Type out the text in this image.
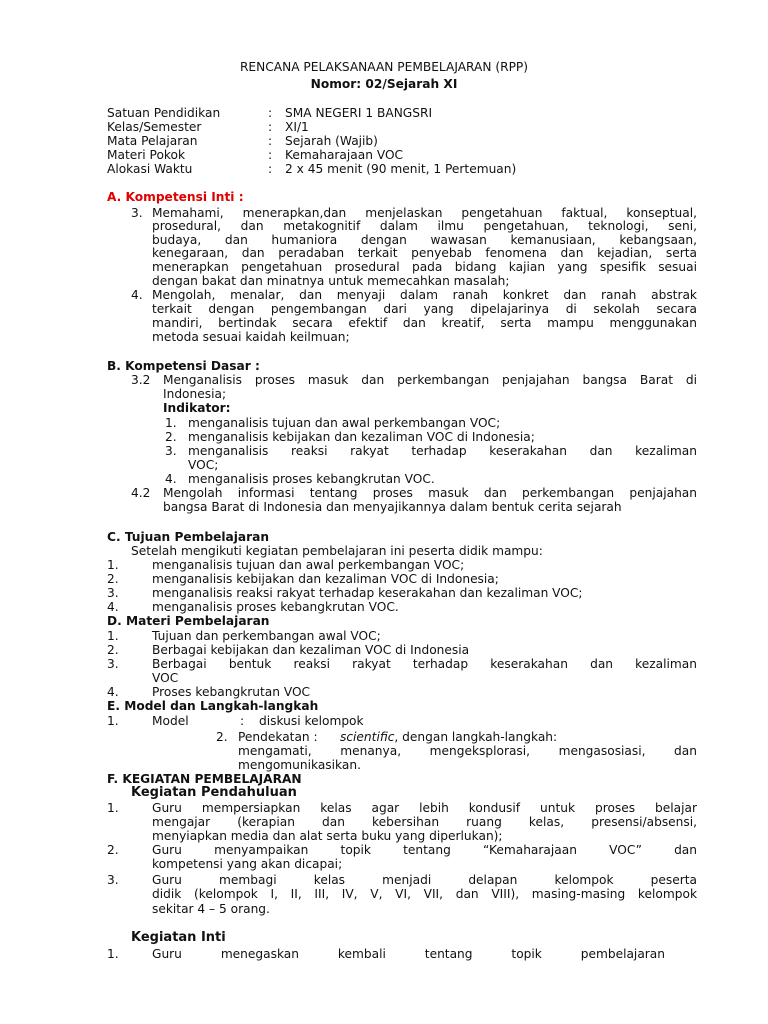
RENCANA PELAKSANAAN PEMBELAJARAN (RPP)
Nomor: 02/Sejarah XI
Satuan Pendidikan	: SMA NEGERI 1 BANGSRI
Kelas/Semester	: XI/1
Mata Pelajaran	: Sejarah (Wajib)
Materi Pokok	: Kemaharajaan VOC
Alokasi Waktu	: 2 x 45 menit (90 menit, 1 Pertemuan)
A. Kompetensi Inti :
3. Memahami, menerapkan,dan menjelaskan pengetahuan faktual, konseptual,
prosedural, dan metakognitif dalam ilmu pengetahuan, teknologi, seni,
budaya, dan humaniora dengan wawasan kemanusiaan, kebangsaan,
kenegaraan, dan peradaban terkait penyebab fenomena dan kejadian, serta
menerapkan pengetahuan prosedural pada bidang kajian yang spesifik sesuai
dengan bakat dan minatnya untuk memecahkan masalah;
4. Mengolah, menalar, dan menyaji dalam ranah konkret dan ranah abstrak
terkait dengan pengembangan dari yang dipelajarinya di sekolah secara
mandiri, bertindak secara efektif dan kreatif, serta mampu menggunakan
metoda sesuai kaidah keilmuan;
B. Kompetensi Dasar :
3.2 Menganalisis proses masuk dan perkembangan penjajahan bangsa Barat di
Indonesia;
Indikator:
1. menganalisis tujuan dan awal perkembangan VOC;
2. menganalisis kebijakan dan kezaliman VOC di Indonesia;
3. menganalisis reaksi rakyat terhadap keserakahan dan kezaliman
VOC;
4. menganalisis proses kebangkrutan VOC.
4.2 Mengolah informasi tentang proses masuk dan perkembangan penjajahan
bangsa Barat di Indonesia dan menyajikannya dalam bentuk cerita sejarah
C. Tujuan Pembelajaran
Setelah mengikuti kegiatan pembelajaran ini peserta didik mampu:
1.	menganalisis tujuan dan awal perkembangan VOC;
2.	menganalisis kebijakan dan kezaliman VOC di Indonesia;
3.	menganalisis reaksi rakyat terhadap keserakahan dan kezaliman VOC;
4.	menganalisis proses kebangkrutan VOC.
D. Materi Pembelajaran
1.	Tujuan dan perkembangan awal VOC;
2.	Berbagai kebijakan dan kezaliman VOC di Indonesia
3.	Berbagai bentuk reaksi rakyat terhadap keserakahan dan kezaliman
VOC
4.	Proses kebangkrutan VOC
E. Model dan Langkah-langkah
1.	Model	: diskusi kelompok
2. Pendekatan : scientific, dengan langkah-langkah:
mengamati, menanya, mengeksplorasi, mengasosiasi, dan
mengomunikasikan.
F. KEGIATAN PEMBELAJARAN
Kegiatan Pendahuluan
1.	Guru mempersiapkan kelas agar lebih kondusif untuk proses belajar
mengajar (kerapian dan kebersihan ruang kelas, presensi/absensi,
menyiapkan media dan alat serta buku yang diperlukan);
2.	Guru menyampaikan topik tentang “Kemaharajaan VOC” dan
kompetensi yang akan dicapai;
3.	Guru membagi kelas menjadi delapan kelompok peserta
didik (kelompok I, II, III, IV, V, VI, VII, dan VIII), masing-masing kelompok
sekitar 4 – 5 orang.
Kegiatan Inti
1.	Guru menegaskan kembali tentang topik pembelajaran
